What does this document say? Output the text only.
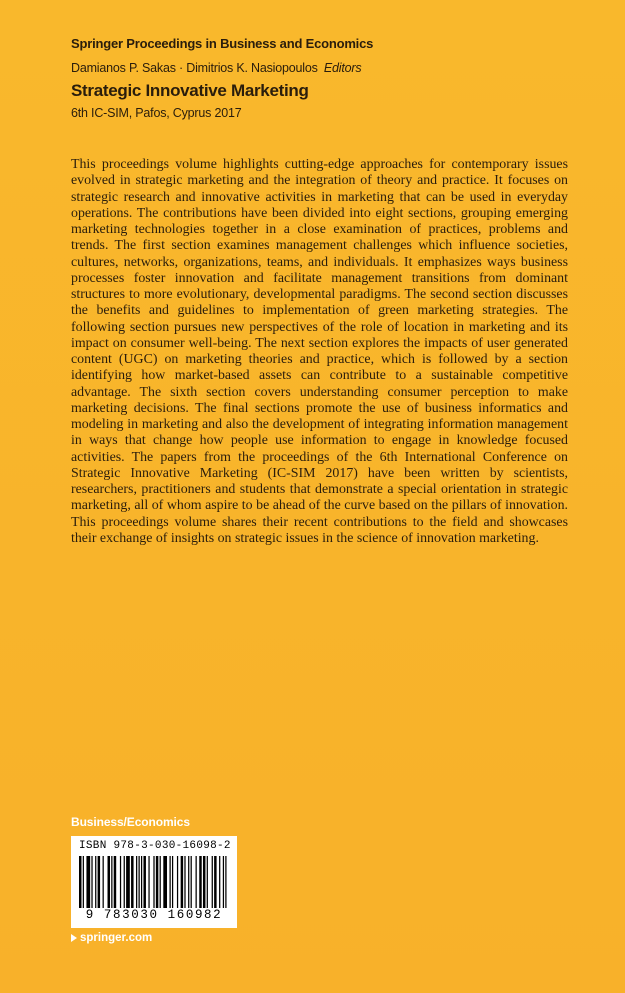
Springer Proceedings in Business and Economics
Damianos P. Sakas · Dimitrios K. Nasiopoulos Editors
Strategic Innovative Marketing
6th IC-SIM, Pafos, Cyprus 2017

This proceedings volume highlights cutting-edge approaches for contemporary issues evolved in strategic marketing and the integration of theory and practice. It focuses on strategic research and innovative activities in marketing that can be used in everyday operations. The contributions have been divided into eight sections, grouping emerging marketing technologies together in a close examination of practices, problems and trends. The first section examines management challenges which influence societies, cultures, networks, organizations, teams, and individuals. It emphasizes ways business processes foster innovation and facilitate management transitions from dominant structures to more evolutionary, developmental paradigms. The second section discusses the benefits and guidelines to implementation of green marketing strategies. The following section pursues new perspectives of the role of location in marketing and its impact on consumer well-being. The next section explores the impacts of user generated content (UGC) on marketing theories and practice, which is followed by a section identifying how market-based assets can contribute to a sustainable competitive advantage. The sixth section covers understanding consumer perception to make marketing decisions. The final sections promote the use of business informatics and modeling in marketing and also the development of integrating information management in ways that change how people use information to engage in knowledge focused activities. The papers from the proceedings of the 6th International Conference on Strategic Innovative Marketing (IC-SIM 2017) have been written by scientists, researchers, practitioners and students that demonstrate a special orientation in strategic marketing, all of whom aspire to be ahead of the curve based on the pillars of innovation. This proceedings volume shares their recent contributions to the field and showcases their exchange of insights on strategic issues in the science of innovation marketing.

Business/Economics
ISBN 978-3-030-16098-2
9 783030 160982
springer.com
